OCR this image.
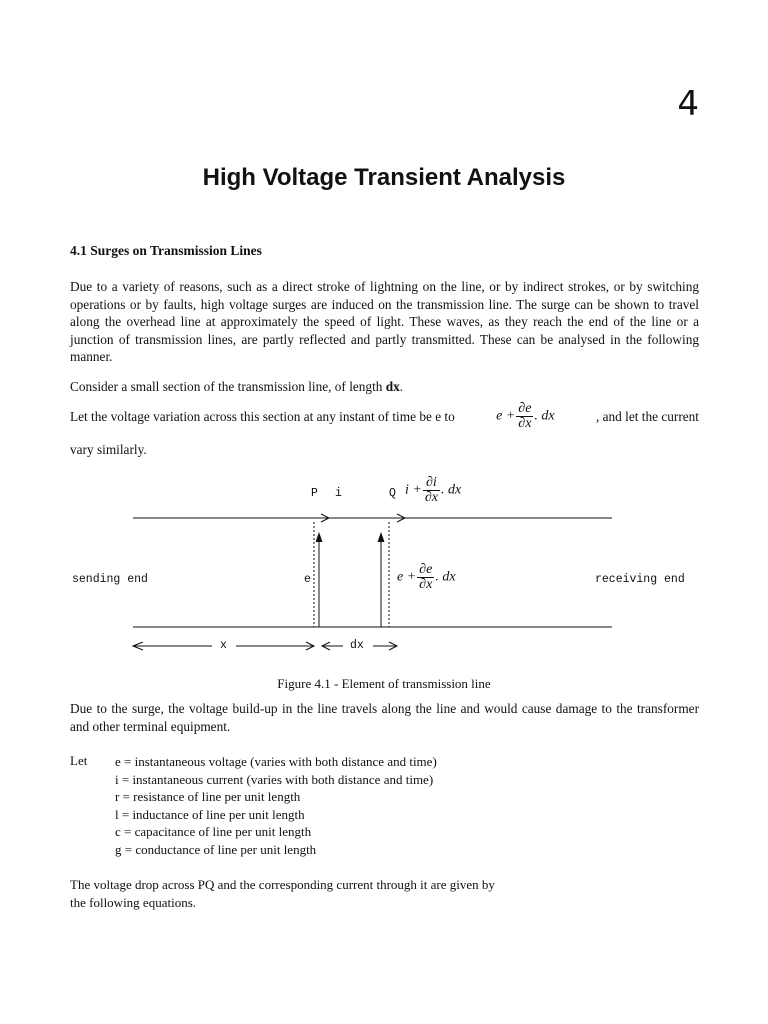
4
High Voltage Transient Analysis
4.1 Surges on Transmission Lines
Due to a variety of reasons, such as a direct stroke of lightning on the line, or by indirect strokes, or by switching operations or by faults, high voltage surges are induced on the transmission line. The surge can be shown to travel along the overhead line at approximately the speed of light. These waves, as they reach the end of the line or a junction of transmission lines, are partly reflected and partly transmitted. These can be analysed in the following manner.
Consider a small section of the transmission line, of length dx.
Let the voltage variation across this section at any instant of time be e to	$e + \frac{\partial e}{\partial x}$ . dx	, and let the current
vary similarly.
P i	Q $i + \frac{\partial i}{\partial x}$ . dx
sending end	e	$e + \frac{\partial e}{\partial x}$ . dx	receiving end
x	dx
Figure 4.1 - Element of transmission line
Due to the surge, the voltage build-up in the line travels along the line and would cause damage to the transformer and other terminal equipment.
Let e = instantaneous voltage (varies with both distance and time)
i = instantaneous current (varies with both distance and time)
r = resistance of line per unit length
l = inductance of line per unit length
c = capacitance of line per unit length
g = conductance of line per unit length
The voltage drop across PQ and the corresponding current through it are given by
the following equations.
